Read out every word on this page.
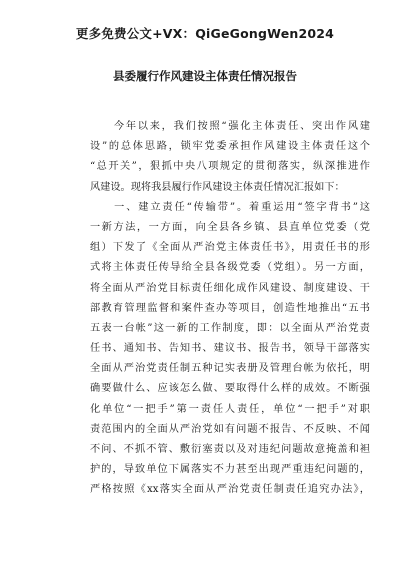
更多免费公文+VX：QiGeGongWen2024
县委履行作风建设主体责任情况报告
　　今年以来，我们按照“强化主体责任、突出作风建
设”的总体思路，锁牢党委承担作风建设主体责任这个
“总开关”，狠抓中央八项规定的贯彻落实，纵深推进作
风建设。现将我县履行作风建设主体责任情况汇报如下：
　　一、建立责任“传输带”。着重运用“签字背书”这
一新方法，一方面，向全县各乡镇、县直单位党委（党
组）下发了《全面从严治党主体责任书》，用责任书的形
式将主体责任传导给全县各级党委（党组）。另一方面，
将全面从严治党目标责任细化成作风建设、制度建设、干
部教育管理监督和案件查办等项目，创造性地推出“五书
五表一台帐”这一新的工作制度，即：以全面从严治党责
任书、通知书、告知书、建议书、报告书，领导干部落实
全面从严治党责任制五种记实表册及管理台帐为依托，明
确要做什么、应该怎么做、要取得什么样的成效。不断强
化单位“一把手”第一责任人责任，单位“一把手”对职
责范围内的全面从严治党如有问题不报告、不反映、不闻
不问、不抓不管、敷衍塞责以及对违纪问题故意掩盖和袒
护的，导致单位下属落实不力甚至出现严重违纪问题的，
严格按照《xx落实全面从严治党责任制责任追究办法》，
